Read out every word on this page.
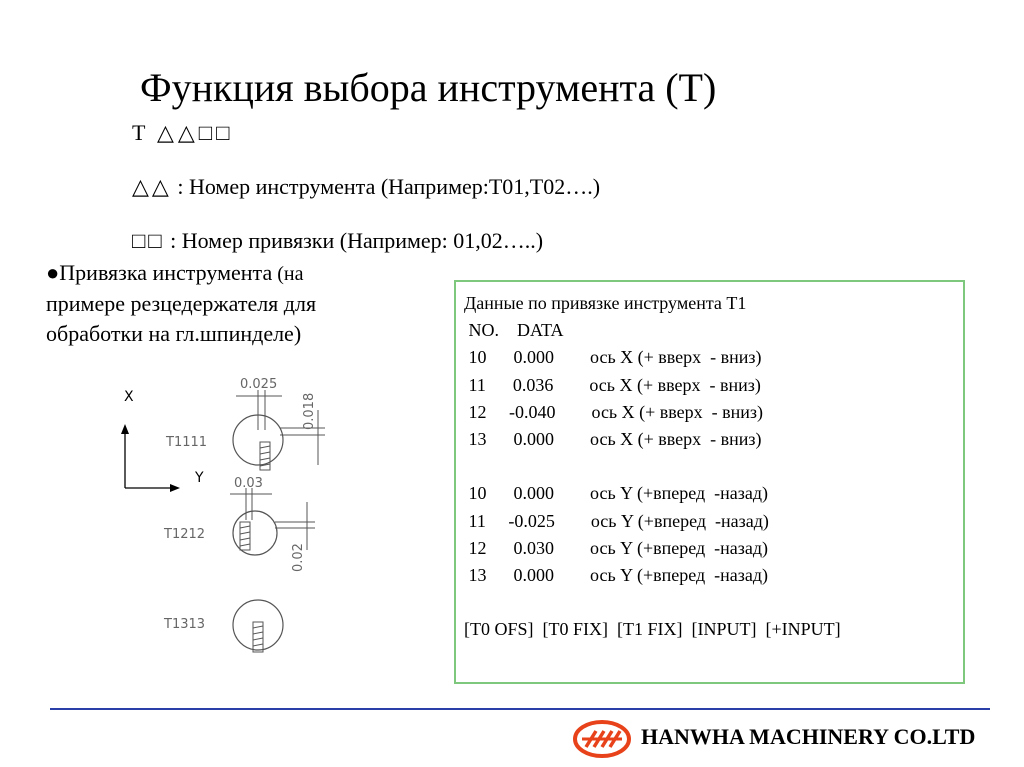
Функция выбора инструмента (Т)
Т △△□□
△△ : Номер инструмента (Например:Т01,Т02….)
□□ : Номер привязки (Например: 01,02…..)
●Привязка инструмента (на
примере резцедержателя для
обработки на гл.шпинделе)
X
Y
T1111
0.025
0.018
T1212
0.03
0.02
T1313
Данные по привязке инструмента Т1
NO.    DATA
10      0.000        ось X (+ вверх  - вниз)
11      0.036        ось X (+ вверх  - вниз)
12     -0.040        ось X (+ вверх  - вниз)
13      0.000        ось X (+ вверх  - вниз)
10      0.000        ось Y (+вперед  -назад)
11     -0.025        ось Y (+вперед  -назад)
12      0.030        ось Y (+вперед  -назад)
13      0.000        ось Y (+вперед  -назад)
[T0 OFS]  [T0 FIX]  [T1 FIX]  [INPUT]  [+INPUT]
HANWHA MACHINERY CO.LTD
